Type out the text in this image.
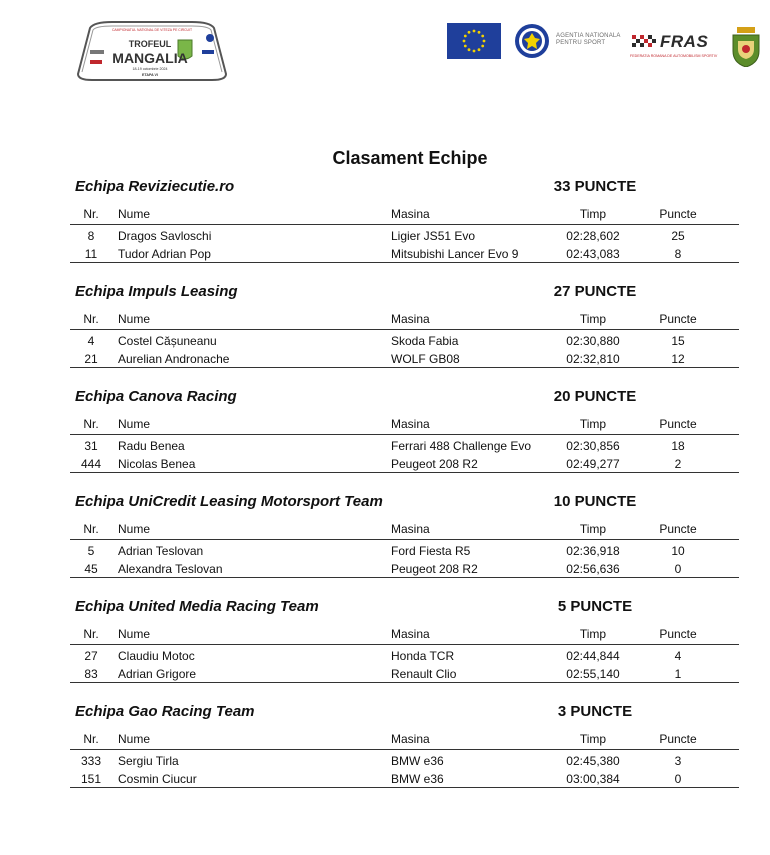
CAMPIONATUL NATIONAL DE VITEZA PE CIRCUIT
TROFEUL
MANGALIA
18-19 octombrie 2024
ETAPA VI
AGENTIA NATIONALA PENTRU SPORT	FRAS
FEDERATIA ROMANA DE AUTOMOBILISM SPORTIV
Clasament Echipe
Echipa Reviziecutie.ro	33 PUNCTE
Nr.	Nume	Masina	Timp	Puncte
8	Dragos Savloschi	Ligier JS51 Evo	02:28,602	25
11	Tudor Adrian Pop	Mitsubishi Lancer Evo 9	02:43,083	8
Echipa Impuls Leasing	27 PUNCTE
Nr.	Nume	Masina	Timp	Puncte
4	Costel Cășuneanu	Skoda Fabia	02:30,880	15
21	Aurelian Andronache	WOLF GB08	02:32,810	12
Echipa Canova Racing	20 PUNCTE
Nr.	Nume	Masina	Timp	Puncte
31	Radu Benea	Ferrari 488 Challenge Evo	02:30,856	18
444	Nicolas Benea	Peugeot 208 R2	02:49,277	2
Echipa UniCredit Leasing Motorsport Team	10 PUNCTE
Nr.	Nume	Masina	Timp	Puncte
5	Adrian Teslovan	Ford Fiesta R5	02:36,918	10
45	Alexandra Teslovan	Peugeot 208 R2	02:56,636	0
Echipa United Media Racing Team	5 PUNCTE
Nr.	Nume	Masina	Timp	Puncte
27	Claudiu Motoc	Honda TCR	02:44,844	4
83	Adrian Grigore	Renault Clio	02:55,140	1
Echipa Gao Racing Team	3 PUNCTE
Nr.	Nume	Masina	Timp	Puncte
333	Sergiu Tirla	BMW e36	02:45,380	3
151	Cosmin Ciucur	BMW e36	03:00,384	0
